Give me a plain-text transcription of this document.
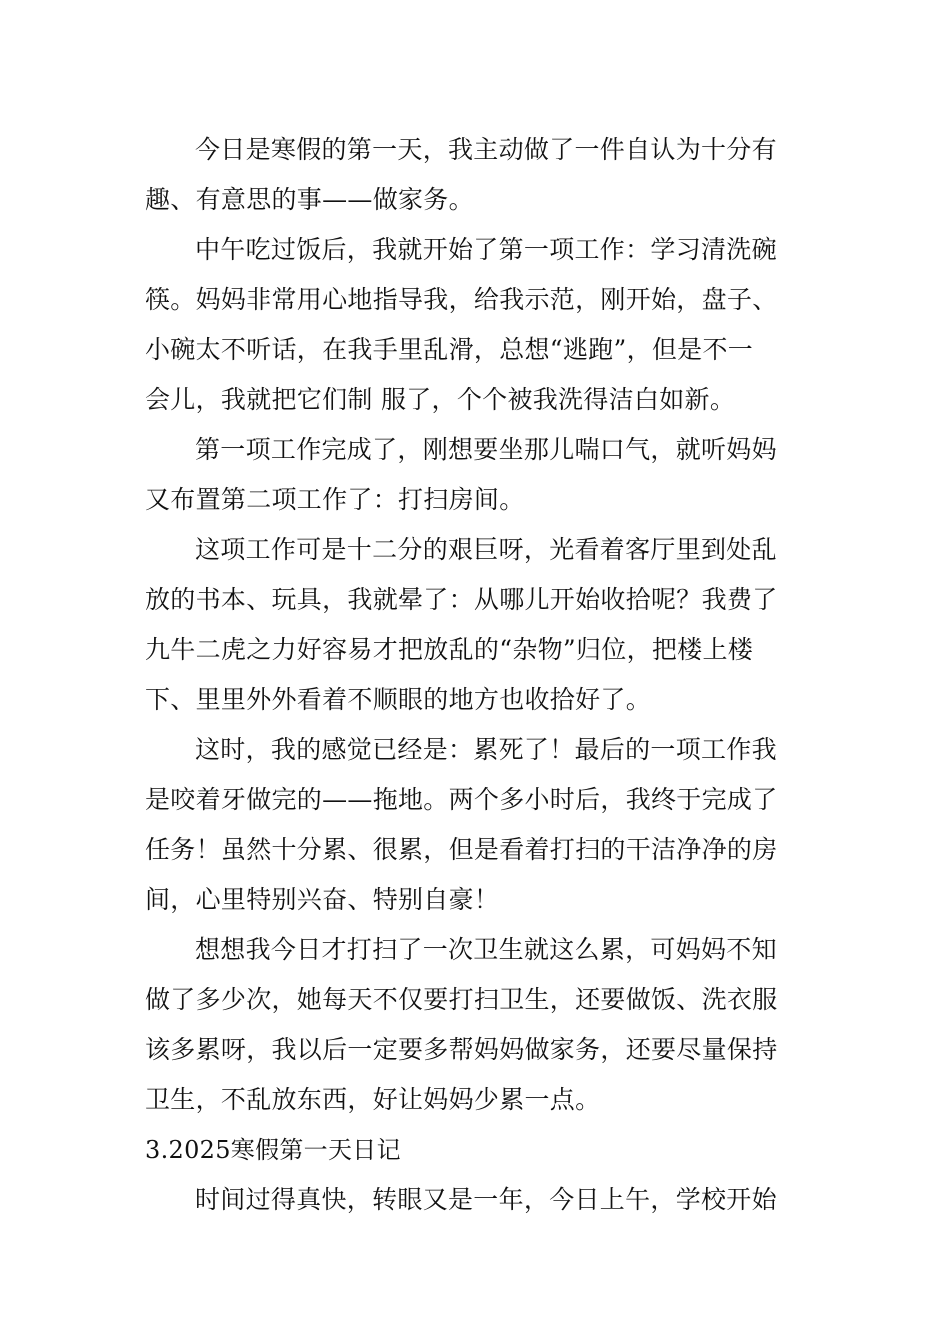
今日是寒假的第一天，我主动做了一件自认为十分有
趣、有意思的事——做家务。
中午吃过饭后，我就开始了第一项工作：学习清洗碗
筷。妈妈非常用心地指导我，给我示范，刚开始，盘子、
小碗太不听话，在我手里乱滑，总想“逃跑”，但是不一
会儿，我就把它们制 服了，个个被我洗得洁白如新。
第一项工作完成了，刚想要坐那儿喘口气，就听妈妈
又布置第二项工作了：打扫房间。
这项工作可是十二分的艰巨呀，光看着客厅里到处乱
放的书本、玩具，我就晕了：从哪儿开始收拾呢？我费了
九牛二虎之力好容易才把放乱的“杂物”归位，把楼上楼
下、里里外外看着不顺眼的地方也收拾好了。
这时，我的感觉已经是：累死了！最后的一项工作我
是咬着牙做完的——拖地。两个多小时后，我终于完成了
任务！虽然十分累、很累，但是看着打扫的干洁净净的房
间，心里特别兴奋、特别自豪！
想想我今日才打扫了一次卫生就这么累，可妈妈不知
做了多少次，她每天不仅要打扫卫生，还要做饭、洗衣服
该多累呀，我以后一定要多帮妈妈做家务，还要尽量保持
卫生，不乱放东西，好让妈妈少累一点。
3.2025寒假第一天日记
时间过得真快，转眼又是一年，今日上午，学校开始
